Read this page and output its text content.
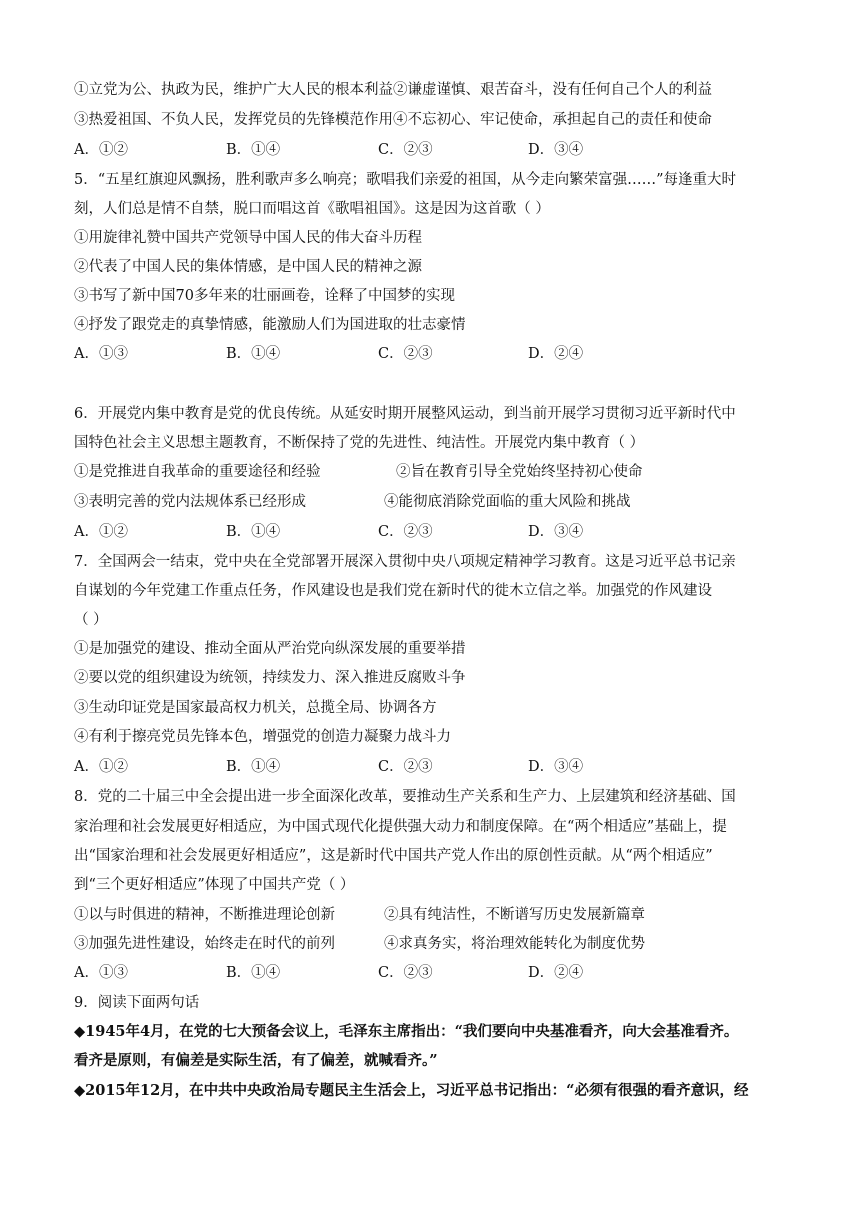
①立党为公、执政为民，维护广大人民的根本利益②谦虚谨慎、艰苦奋斗，没有任何自己个人的利益
③热爱祖国、不负人民，发挥党员的先锋模范作用④不忘初心、牢记使命，承担起自己的责任和使命
A．①②	B．①④	C．②③	D．③④
5．“五星红旗迎风飘扬，胜利歌声多么响亮；歌唱我们亲爱的祖国，从今走向繁荣富强……”每逢重大时
刻，人们总是情不自禁，脱口而唱这首《歌唱祖国》。这是因为这首歌（ ）
①用旋律礼赞中国共产党领导中国人民的伟大奋斗历程
②代表了中国人民的集体情感，是中国人民的精神之源
③书写了新中国70多年来的壮丽画卷，诠释了中国梦的实现
④抒发了跟党走的真挚情感，能激励人们为国进取的壮志豪情
A．①③	B．①④	C．②③	D．②④
6．开展党内集中教育是党的优良传统。从延安时期开展整风运动，到当前开展学习贯彻习近平新时代中
国特色社会主义思想主题教育，不断保持了党的先进性、纯洁性。开展党内集中教育（ ）
①是党推进自我革命的重要途径和经验	②旨在教育引导全党始终坚持初心使命
③表明完善的党内法规体系已经形成	④能彻底消除党面临的重大风险和挑战
A．①②	B．①④	C．②③	D．③④
7．全国两会一结束，党中央在全党部署开展深入贯彻中央八项规定精神学习教育。这是习近平总书记亲
自谋划的今年党建工作重点任务，作风建设也是我们党在新时代的徙木立信之举。加强党的作风建设
（ ）
①是加强党的建设、推动全面从严治党向纵深发展的重要举措
②要以党的组织建设为统领，持续发力、深入推进反腐败斗争
③生动印证党是国家最高权力机关，总揽全局、协调各方
④有利于擦亮党员先锋本色，增强党的创造力凝聚力战斗力
A．①②	B．①④	C．②③	D．③④
8．党的二十届三中全会提出进一步全面深化改革，要推动生产关系和生产力、上层建筑和经济基础、国
家治理和社会发展更好相适应，为中国式现代化提供强大动力和制度保障。在“两个相适应”基础上，提
出“国家治理和社会发展更好相适应”，这是新时代中国共产党人作出的原创性贡献。从“两个相适应”
到“三个更好相适应”体现了中国共产党（ ）
①以与时俱进的精神，不断推进理论创新	②具有纯洁性，不断谱写历史发展新篇章
③加强先进性建设，始终走在时代的前列	④求真务实，将治理效能转化为制度优势
A．①③	B．①④	C．②③	D．②④
9．阅读下面两句话
◆1945年4月，在党的七大预备会议上，毛泽东主席指出：“我们要向中央基准看齐，向大会基准看齐。
看齐是原则，有偏差是实际生活，有了偏差，就喊看齐。”
◆2015年12月，在中共中央政治局专题民主生活会上，习近平总书记指出：“必须有很强的看齐意识，经
